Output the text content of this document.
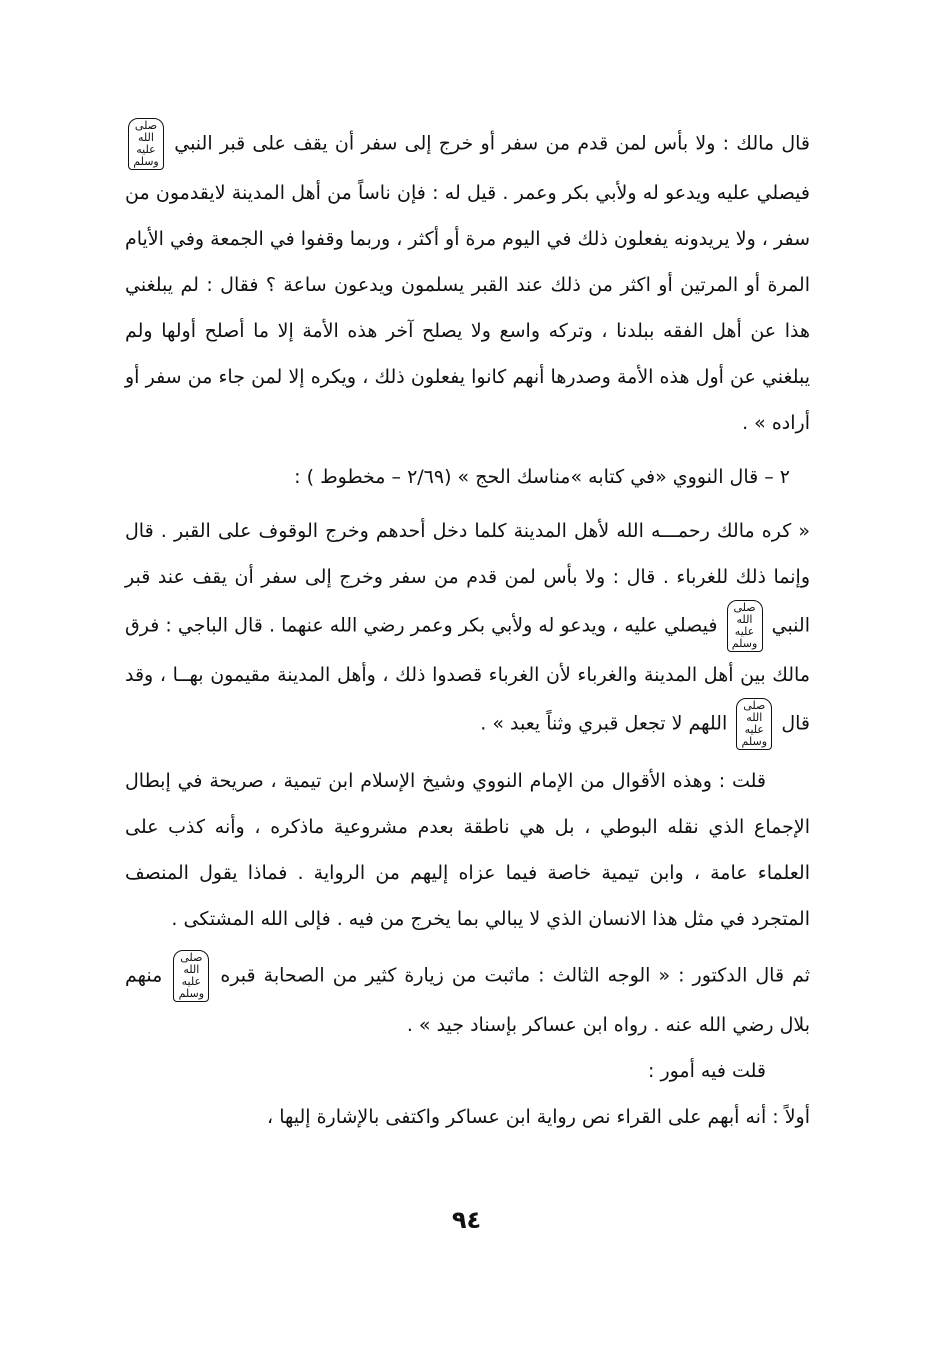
قال مالك : ولا بأس لمن قدم من سفر أو خرج إلى سفر أن يقف على قبر النبي صلى الله عليه وسلم فيصلي عليه ويدعو له ولأبي بكر وعمر . قيل له : فإن ناساً من أهل المدينة لايقدمون من سفر ، ولا يريدونه يفعلون ذلك في اليوم مرة أو أكثر ، وربما وقفوا في الجمعة وفي الأيام المرة أو المرتين أو اكثر من ذلك عند القبر يسلمون ويدعون ساعة ؟ فقال : لم يبلغني هذا عن أهل الفقه ببلدنا ، وتركه واسع ولا يصلح آخر هذه الأمة إلا ما أصلح أولها ولم يبلغني عن أول هذه الأمة وصدرها أنهم كانوا يفعلون ذلك ، ويكره إلا لمن جاء من سفر أو أراده » .

٢ – قال النووي «في كتابه »مناسك الحج » (٢/٦٩ – مخطوط ) :

« كره مالك رحمـــه الله لأهل المدينة كلما دخل أحدهم وخرج الوقوف على القبر . قال وإنما ذلك للغرباء . قال : ولا بأس لمن قدم من سفر وخرج إلى سفر أن يقف عند قبر النبي صلى الله عليه وسلم فيصلي عليه ، ويدعو له ولأبي بكر وعمر رضي الله عنهما . قال الباجي : فرق مالك بين أهل المدينة والغرباء لأن الغرباء قصدوا ذلك ، وأهل المدينة مقيمون بهــا ، وقد قال صلى الله عليه وسلم اللهم لا تجعل قبري وثناً يعبد » .

قلت : وهذه الأقوال من الإمام النووي وشيخ الإسلام ابن تيمية ، صريحة في إبطال الإجماع الذي نقله البوطي ، بل هي ناطقة بعدم مشروعية ماذكره ، وأنه كذب على العلماء عامة ، وابن تيمية خاصة فيما عزاه إليهم من الرواية . فماذا يقول المنصف المتجرد في مثل هذا الانسان الذي لا يبالي بما يخرج من فيه . فإلى الله المشتكى .

ثم قال الدكتور : « الوجه الثالث : ماثبت من زيارة كثير من الصحابة قبره صلى الله عليه وسلم منهم بلال رضي الله عنه . رواه ابن عساكر بإسناد جيد » .

قلت فيه أمور :

أولاً : أنه أبهم على القراء نص رواية ابن عساكر واكتفى بالإشارة إليها ،

٩٤
